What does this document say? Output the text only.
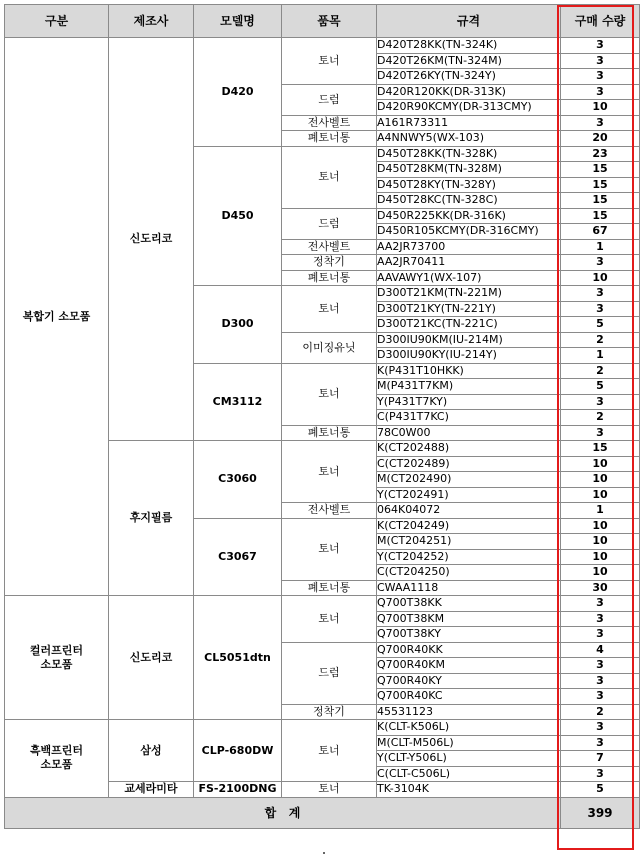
구분	제조사	모델명	품목	규격	구매 수량
복합기 소모품	신도리코	D420	토너	D420T28KK(TN-324K)	3
				D420T26KM(TN-324M)	3
				D420T26KY(TN-324Y)	3
			드럼	D420R120KK(DR-313K)	3
				D420R90KCMY(DR-313CMY)	10
			전사벨트	A161R73311	3
			폐토너통	A4NNWY5(WX-103)	20
		D450	토너	D450T28KK(TN-328K)	23
				D450T28KM(TN-328M)	15
				D450T28KY(TN-328Y)	15
				D450T28KC(TN-328C)	15
			드럼	D450R225KK(DR-316K)	15
				D450R105KCMY(DR-316CMY)	67
			전사벨트	AA2JR73700	1
			정착기	AA2JR70411	3
			폐토너통	AAVAWY1(WX-107)	10
		D300	토너	D300T21KM(TN-221M)	3
				D300T21KY(TN-221Y)	3
				D300T21KC(TN-221C)	5
			이미징유닛	D300IU90KM(IU-214M)	2
				D300IU90KY(IU-214Y)	1
		CM3112	토너	K(P431T10HKK)	2
				M(P431T7KM)	5
				Y(P431T7KY)	3
				C(P431T7KC)	2
			폐토너통	78C0W00	3
	후지필름	C3060	토너	K(CT202488)	15
				C(CT202489)	10
				M(CT202490)	10
				Y(CT202491)	10
			전사벨트	064K04072	1
		C3067	토너	K(CT204249)	10
				M(CT204251)	10
				Y(CT204252)	10
				C(CT204250)	10
			폐토너통	CWAA1118	30
컬러프린터
소모품	신도리코	CL5051dtn	토너	Q700T38KK	3
				Q700T38KM	3
				Q700T38KY	3
			드럼	Q700R40KK	4
				Q700R40KM	3
				Q700R40KY	3
				Q700R40KC	3
			정착기	45531123	2
흑백프린터
소모품	삼성	CLP-680DW	토너	K(CLT-K506L)	3
				M(CLT-M506L)	3
				Y(CLT-Y506L)	7
				C(CLT-C506L)	3
	교세라미타	FS-2100DNG	토너	TK-3104K	5
합   계					399
